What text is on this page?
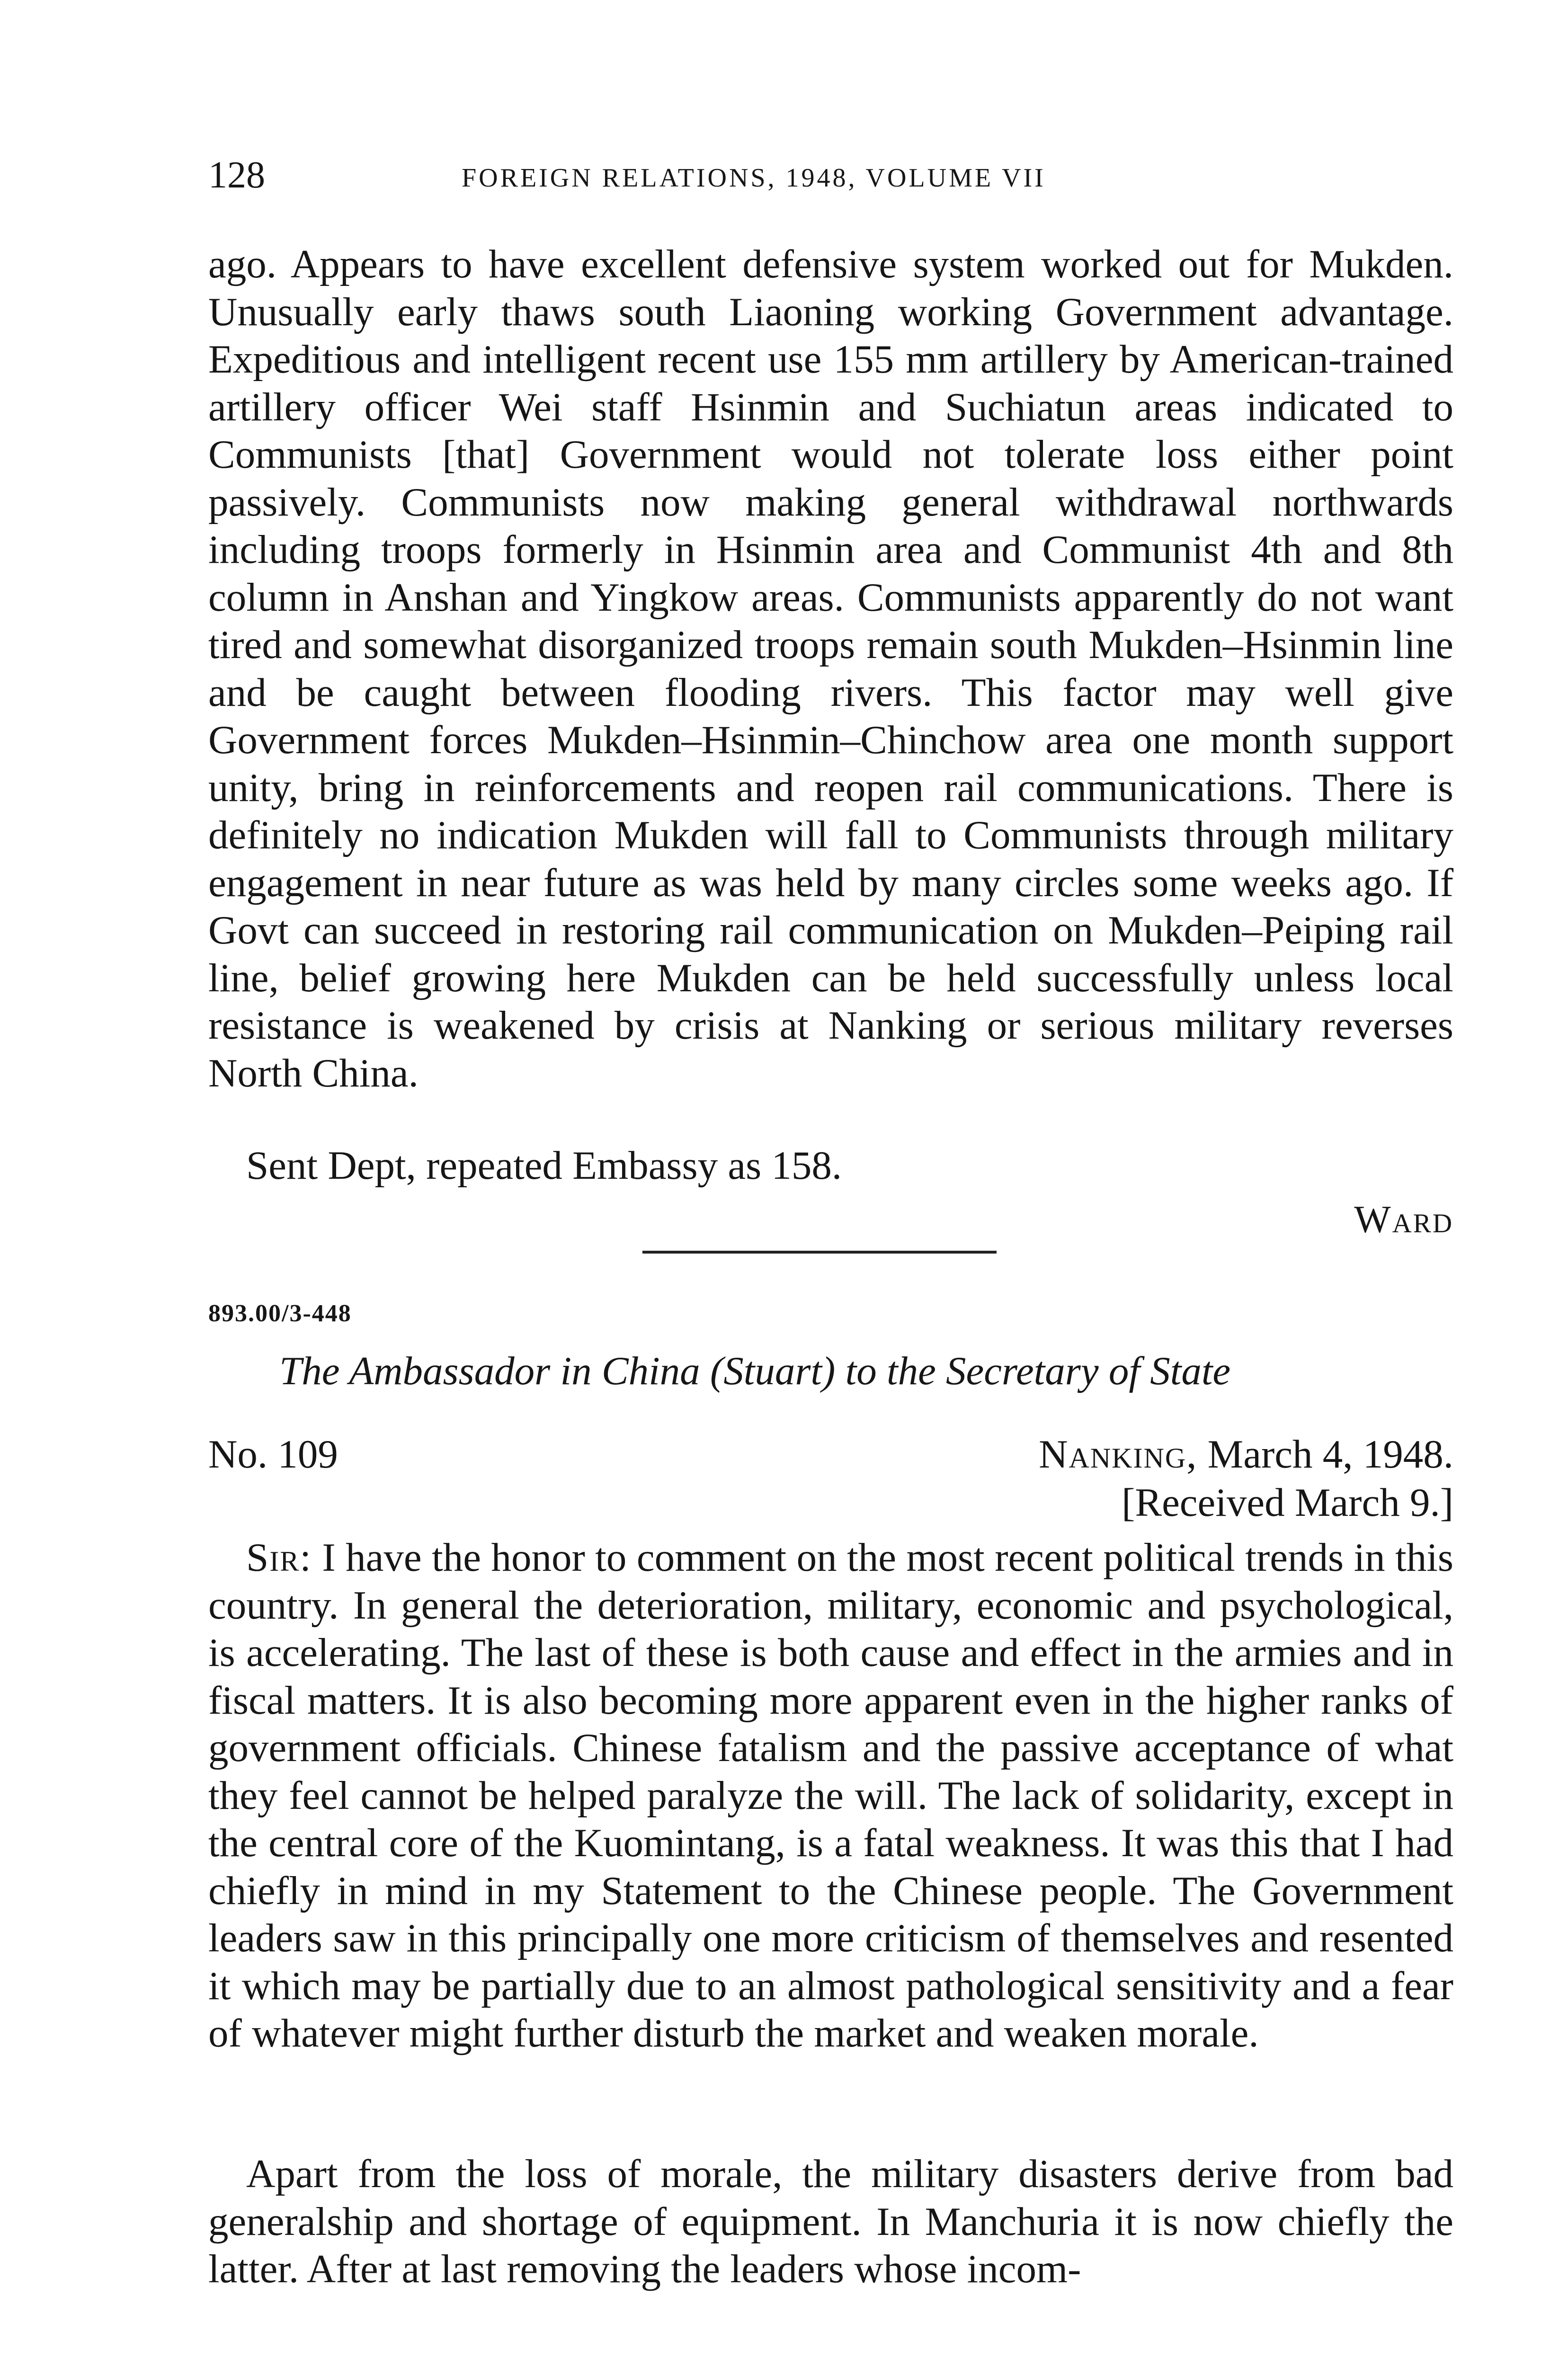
128	FOREIGN RELATIONS, 1948, VOLUME VII

ago. Appears to have excellent defensive system worked out for Mukden. Unusually early thaws south Liaoning working Government advantage. Expeditious and intelligent recent use 155 mm artillery by American-trained artillery officer Wei staff Hsinmin and Suchiatun areas indicated to Communists [that] Government would not tolerate loss either point passively. Communists now making general withdrawal northwards including troops formerly in Hsinmin area and Communist 4th and 8th column in Anshan and Yingkow areas. Communists apparently do not want tired and somewhat disorganized troops remain south Mukden–Hsinmin line and be caught between flooding rivers. This factor may well give Government forces Mukden–Hsinmin–Chinchow area one month support unity, bring in reinforcements and reopen rail communications. There is definitely no indication Mukden will fall to Communists through military engagement in near future as was held by many circles some weeks ago. If Govt can succeed in restoring rail communication on Mukden–Peiping rail line, belief growing here Mukden can be held successfully unless local resistance is weakened by crisis at Nanking or serious military reverses North China.

Sent Dept, repeated Embassy as 158.

Ward
893.00/3-448
The Ambassador in China (Stuart) to the Secretary of State
No. 109	Nanking, March 4, 1948.
[Received March 9.]

Sir: I have the honor to comment on the most recent political trends in this country. In general the deterioration, military, economic and psychological, is accelerating. The last of these is both cause and effect in the armies and in fiscal matters. It is also becoming more apparent even in the higher ranks of government officials. Chinese fatalism and the passive acceptance of what they feel cannot be helped paralyze the will. The lack of solidarity, except in the central core of the Kuomintang, is a fatal weakness. It was this that I had chiefly in mind in my Statement to the Chinese people. The Government leaders saw in this principally one more criticism of themselves and resented it which may be partially due to an almost pathological sensitivity and a fear of whatever might further disturb the market and weaken morale.

Apart from the loss of morale, the military disasters derive from bad generalship and shortage of equipment. In Manchuria it is now chiefly the latter. After at last removing the leaders whose incom-
